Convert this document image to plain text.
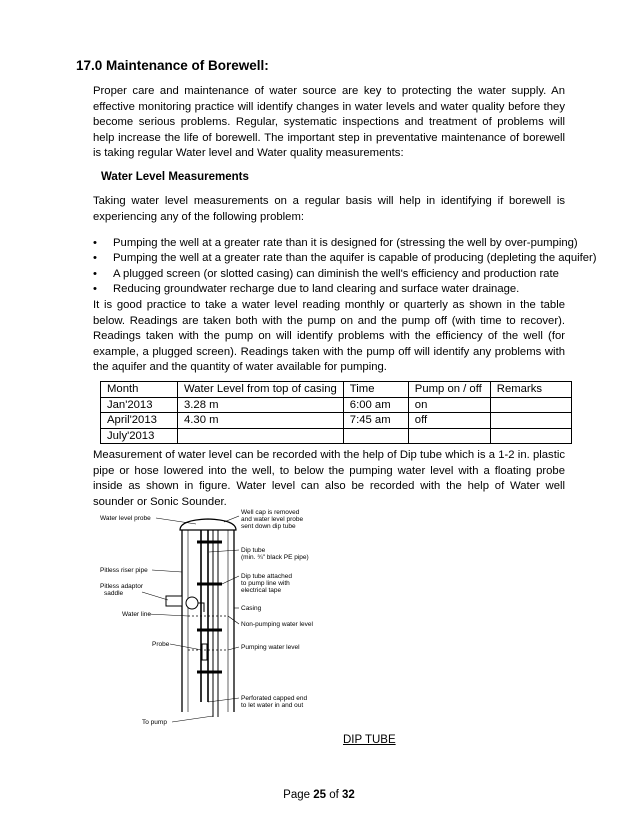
17.0 Maintenance of Borewell:

Proper care and maintenance of water source are key to protecting the water supply. An effective monitoring practice will identify changes in water levels and water quality before they become serious problems. Regular, systematic inspections and treatment of problems will help increase the life of borewell. The important step in preventative maintenance of borewell is taking regular Water level and Water quality measurements:

Water Level Measurements

Taking water level measurements on a regular basis will help in identifying if borewell is experiencing any of the following problem:

• Pumping the well at a greater rate than it is designed for (stressing the well by over-pumping)
• Pumping the well at a greater rate than the aquifer is capable of producing (depleting the aquifer)
• A plugged screen (or slotted casing) can diminish the well's efficiency and production rate
• Reducing groundwater recharge due to land clearing and surface water drainage.

It is good practice to take a water level reading monthly or quarterly as shown in the table below. Readings are taken both with the pump on and the pump off (with time to recover). Readings taken with the pump on will identify problems with the efficiency of the well (for example, a plugged screen). Readings taken with the pump off will identify any problems with the aquifer and the quantity of water available for pumping.

Month	Water Level from top of casing	Time	Pump on / off	Remarks
Jan'2013	3.28 m	6:00 am	on	
April'2013	4.30 m	7:45 am	off	
July'2013				

Measurement of water level can be recorded with the help of Dip tube which is a 1-2 in. plastic pipe or hose lowered into the well, to below the pumping water level with a floating probe inside as shown in figure. Water level can also be recorded with the help of Water well sounder or Sonic Sounder.

Water level probe
Pitless riser pipe
Pitless adaptor
saddle
Water line
Probe
To pump
Well cap is removed
and water level probe
sent down dip tube
Dip tube
(min. ¾" black PE pipe)
Dip tube attached
to pump line with
electrical tape
Casing
Non-pumping water level
Pumping water level
Perforated capped end
to let water in and out
DIP TUBE
Page 25 of 32
